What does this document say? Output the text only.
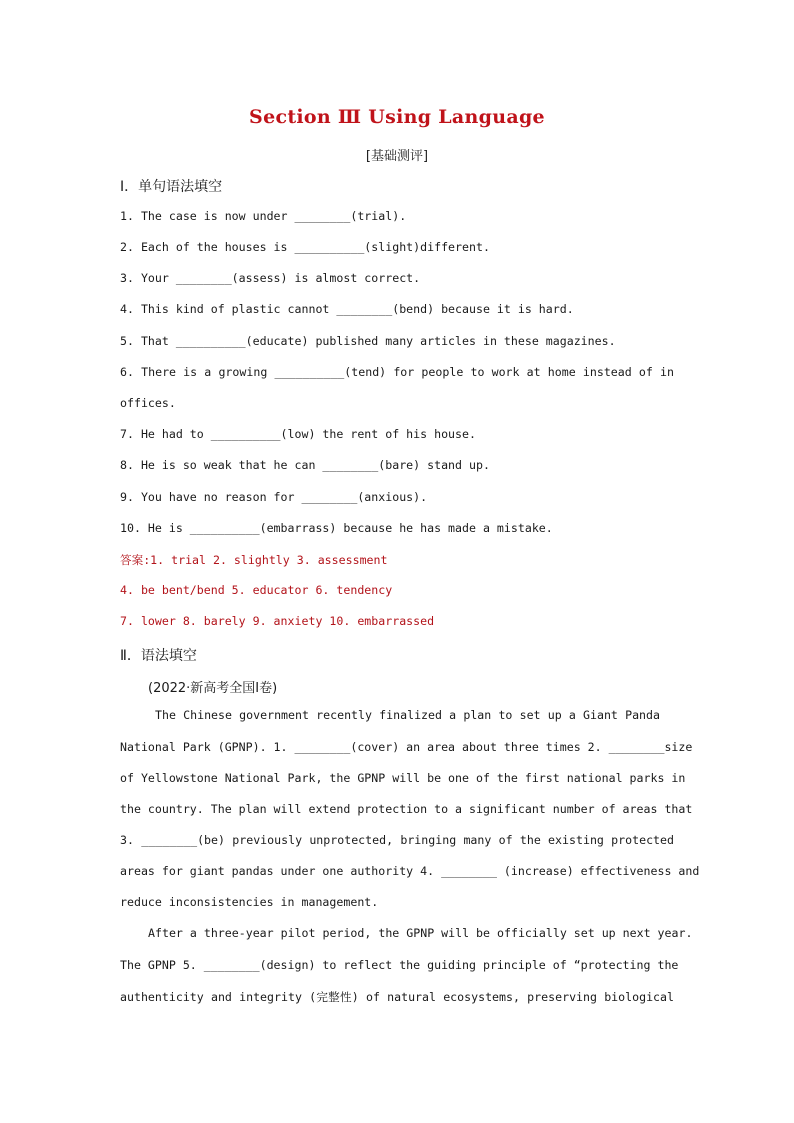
Section Ⅲ Using Language
[基础测评]
Ⅰ．单句语法填空
1. The case is now under ________(trial).
2. Each of the houses is __________(slight)different.
3. Your ________(assess) is almost correct.
4. This kind of plastic cannot ________(bend) because it is hard.
5. That __________(educate) published many articles in these magazines.
6. There is a growing __________(tend) for people to work at home instead of in
offices.
7. He had to __________(low) the rent of his house.
8. He is so weak that he can ________(bare) stand up.
9. You have no reason for ________(anxious).
10. He is __________(embarrass) because he has made a mistake.
答案:1. trial 2. slightly 3. assessment
4. be bent/bend 5. educator 6. tendency
7. lower 8. barely 9. anxiety 10. embarrassed
Ⅱ．语法填空
(2022·新高考全国Ⅰ卷)
The Chinese government recently finalized a plan to set up a Giant Panda
National Park (GPNP). 1. ________(cover) an area about three times 2. ________size
of Yellowstone National Park, the GPNP will be one of the first national parks in
the country. The plan will extend protection to a significant number of areas that
3. ________(be) previously unprotected, bringing many of the existing protected
areas for giant pandas under one authority 4. ________ (increase) effectiveness and
reduce inconsistencies in management.
After a three-year pilot period, the GPNP will be officially set up next year.
The GPNP 5. ________(design) to reflect the guiding principle of “protecting the
authenticity and integrity (完整性) of natural ecosystems, preserving biological
